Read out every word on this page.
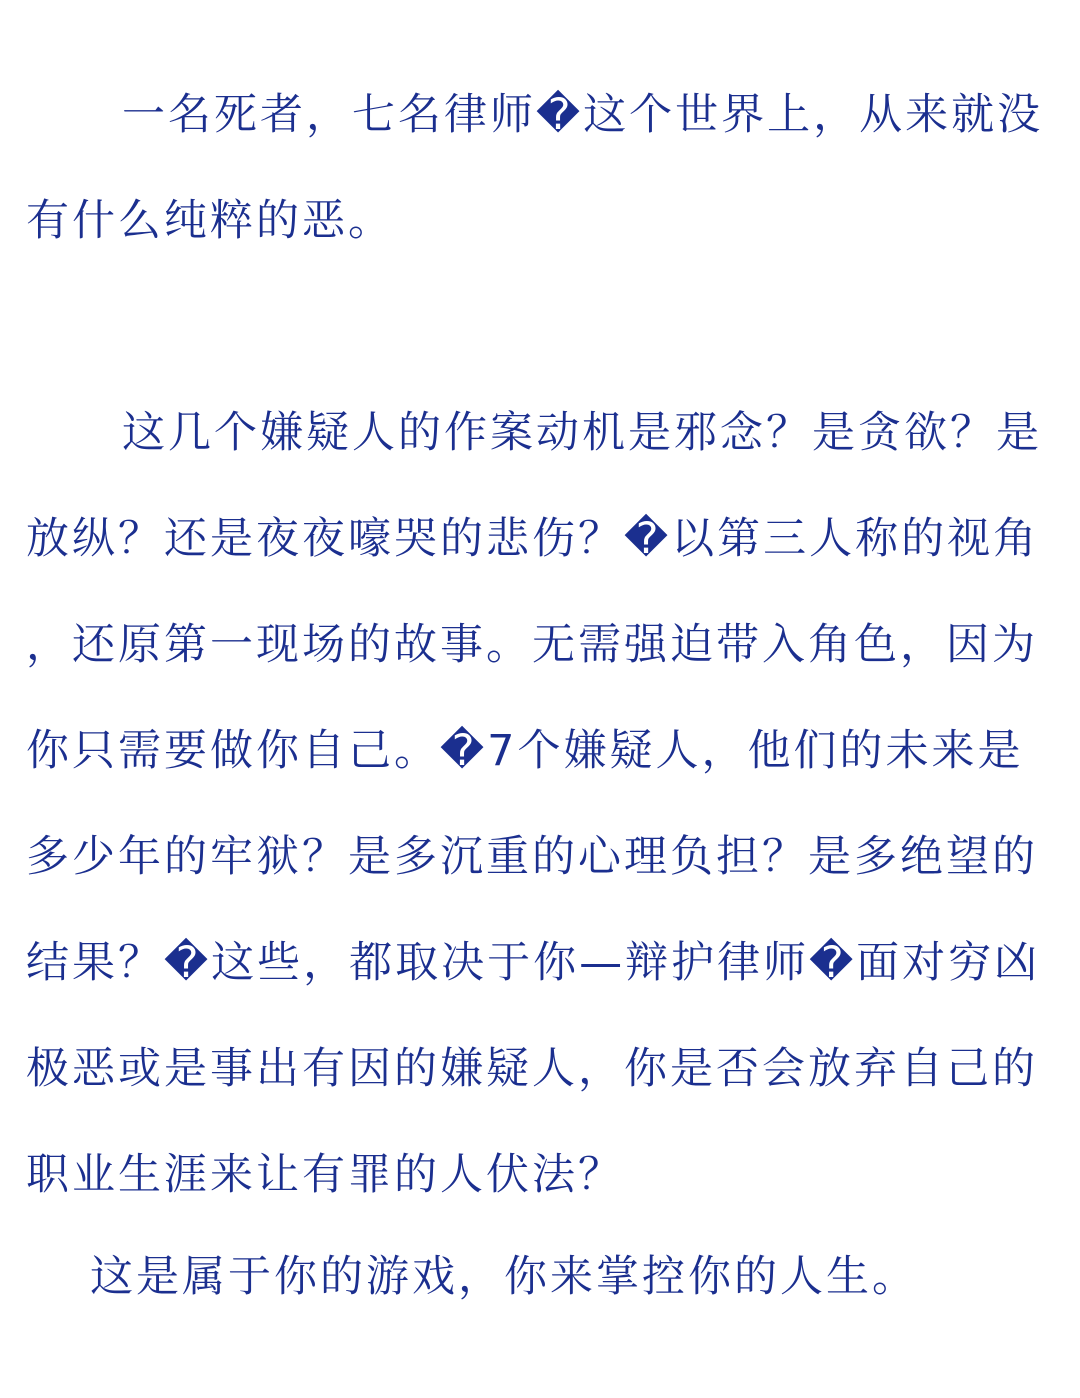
一名死者，七名律师�这个世界上，从来就没
有什么纯粹的恶。
这几个嫌疑人的作案动机是邪念？是贪欲？是
放纵？还是夜夜嚎哭的悲伤？�以第三人称的视角
，还原第一现场的故事。无需强迫带入角色，因为
你只需要做你自己。�7个嫌疑人，他们的未来是
多少年的牢狱？是多沉重的心理负担？是多绝望的
结果？�这些，都取决于你—辩护律师�面对穷凶
极恶或是事出有因的嫌疑人，你是否会放弃自己的
职业生涯来让有罪的人伏法？
这是属于你的游戏，你来掌控你的人生。
